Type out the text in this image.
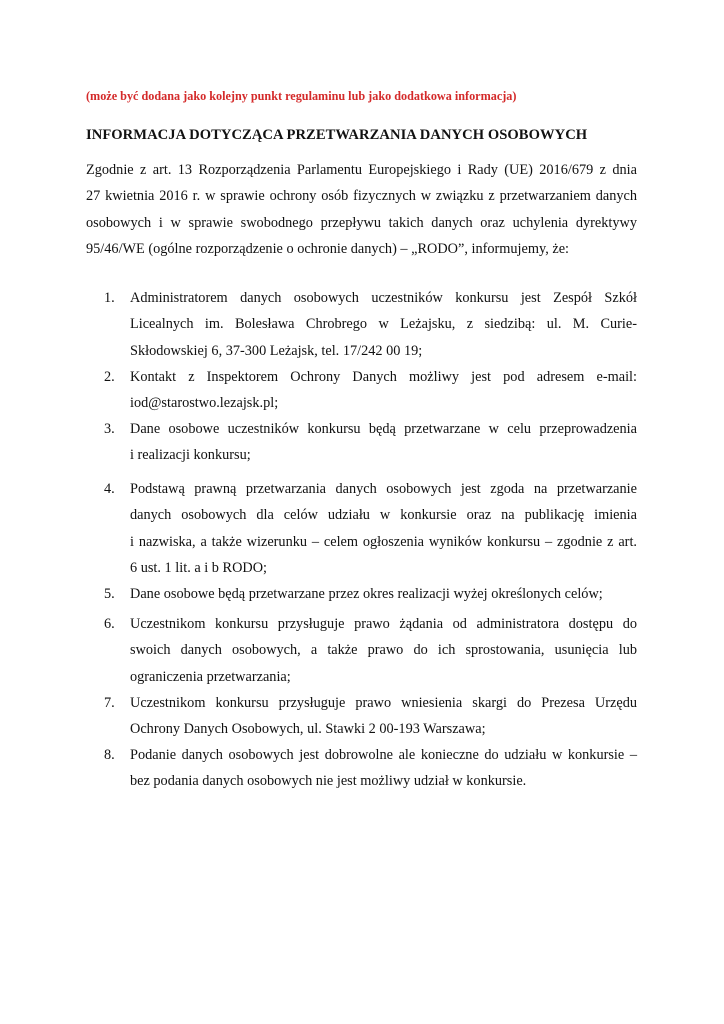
(może być dodana jako kolejny punkt regulaminu lub jako dodatkowa informacja)
INFORMACJA DOTYCZĄCA PRZETWARZANIA DANYCH OSOBOWYCH
Zgodnie z art. 13 Rozporządzenia Parlamentu Europejskiego i Rady (UE) 2016/679 z dnia
27 kwietnia 2016 r. w sprawie ochrony osób fizycznych w związku z przetwarzaniem danych
osobowych i w sprawie swobodnego przepływu takich danych oraz uchylenia dyrektywy
95/46/WE (ogólne rozporządzenie o ochronie danych) – „RODO”, informujemy, że:
1.	Administratorem danych osobowych uczestników konkursu jest Zespół Szkół
Licealnych im. Bolesława Chrobrego w Leżajsku, z siedzibą: ul. M. Curie-
Skłodowskiej 6, 37-300 Leżajsk, tel. 17/242 00 19;
2.	Kontakt z Inspektorem Ochrony Danych możliwy jest pod adresem e-mail:
iod@starostwo.lezajsk.pl;
3.	Dane osobowe uczestników konkursu będą przetwarzane w celu przeprowadzenia
i realizacji konkursu;
4.	Podstawą prawną przetwarzania danych osobowych jest zgoda na przetwarzanie
danych osobowych dla celów udziału w konkursie oraz na publikację imienia
i nazwiska, a także wizerunku – celem ogłoszenia wyników konkursu – zgodnie z art.
6 ust. 1 lit. a i b RODO;
5.	Dane osobowe będą przetwarzane przez okres realizacji wyżej określonych celów;
6.	Uczestnikom konkursu przysługuje prawo żądania od administratora dostępu do
swoich danych osobowych, a także prawo do ich sprostowania, usunięcia lub
ograniczenia przetwarzania;
7.	Uczestnikom konkursu przysługuje prawo wniesienia skargi do Prezesa Urzędu
Ochrony Danych Osobowych, ul. Stawki 2 00-193 Warszawa;
8.	Podanie danych osobowych jest dobrowolne ale konieczne do udziału w konkursie –
bez podania danych osobowych nie jest możliwy udział w konkursie.
